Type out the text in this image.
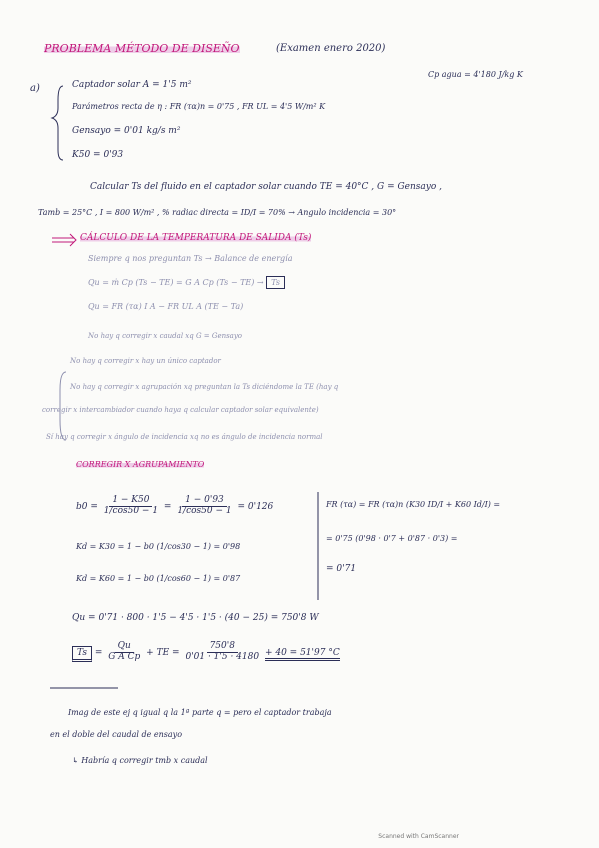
PROBLEMA MÉTODO DE DISEÑO	(Examen enero 2020)
a)	Captador solar A = 1'5 m²
Cp agua = 4'180 J/kg K
Parámetros recta de η : FR (τα)n = 0'75 , FR UL = 4'5 W/m² K
Gensayo = 0'01 kg/s m²
K50 = 0'93
Calcular Ts del fluido en el captador solar cuando TE = 40°C , G = Gensayo ,
Tamb = 25°C , I = 800 W/m² , % radiac directa = ID/I = 70% → Angulo incidencia = 30°
CÁLCULO DE LA TEMPERATURA DE SALIDA (Ts)
Siempre q nos preguntan Ts → Balance de energía
Qu = ṁ Cp (Ts − TE) = G A Cp (Ts − TE) → Ts
Qu = FR (τα) I A − FR UL A (TE − Ta)
No hay q corregir x caudal xq G = Gensayo
No hay q corregir x hay un único captador
No hay q corregir x agrupación xq preguntan la Ts diciéndome la TE (hay q
corregir x intercambiador cuando haya q calcular captador solar equivalente)
Sí hay q corregir x ángulo de incidencia xq no es ángulo de incidencia normal
CORREGIR X AGRUPAMIENTO
$b0 = \frac{1 - K50}{1/\cos 50 - 1} = \frac{1 - 0'93}{1/\cos 50 - 1} = 0'126$
Kd = K30 = 1 − b0 (1/cos30 − 1) = 0'98
Kd = K60 = 1 − b0 (1/cos60 − 1) = 0'87
FR (τα) = FR (τα)n (K30 ID/I + K60 Id/I) =
= 0'75 (0'98 · 0'7 + 0'87 · 0'3) =
= 0'71
Qu = 0'71 · 800 · 1'5 − 4'5 · 1'5 · (40 − 25) = 750'8 W
$Ts = \frac{Qu}{\text{G A Cp}}$ + TE = $\frac{750'8}{0'01 \cdot 1'5 \cdot 4180} + 40 = 51'97$ °C
Imag de este ej q igual q la 1ª parte q = pero el captador trabaja
en el doble del caudal de ensayo
↳ Habría q corregir tmb x caudal
Scanned with CamScanner
